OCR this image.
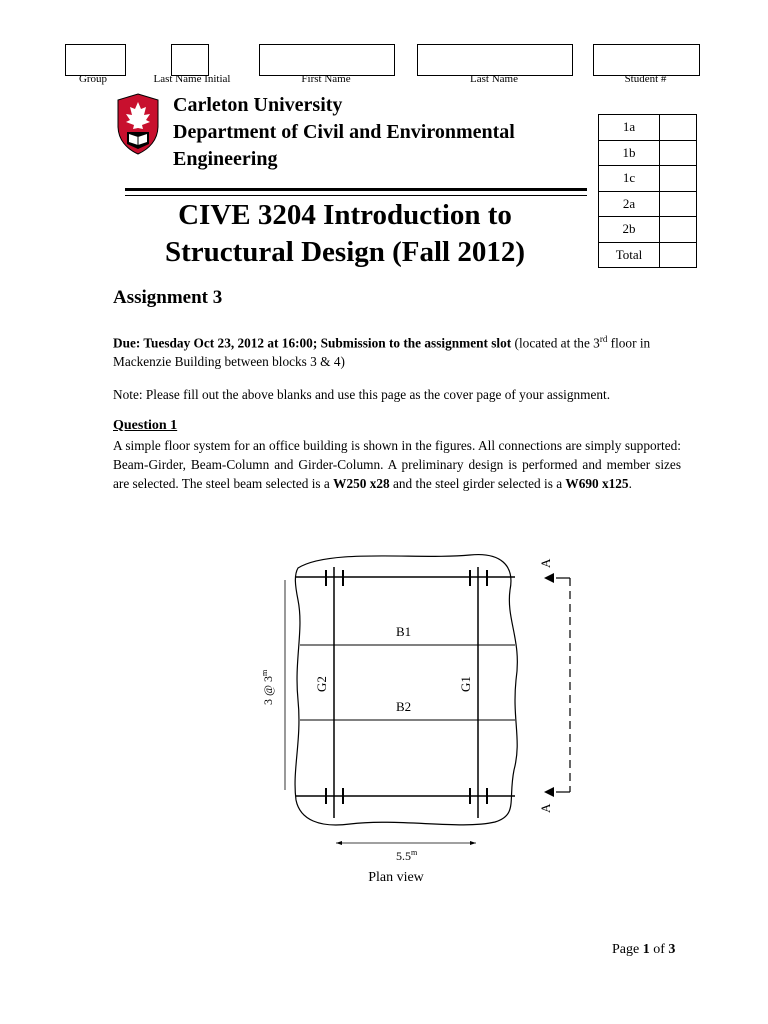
Group	Last Name Initial	First Name	Last Name	Student #
Carleton University
Department of Civil and Environmental
Engineering
CIVE 3204 Introduction to
Structural Design (Fall 2012)
1a	
1b	
1c	
2a	
2b	
Total	
Assignment 3
Due: Tuesday Oct 23, 2012 at 16:00; Submission to the assignment slot (located at the 3rd floor in Mackenzie Building between blocks 3 & 4)
Note: Please fill out the above blanks and use this page as the cover page of your assignment.
Question 1
A simple floor system for an office building is shown in the figures. All connections are simply supported: Beam-Girder, Beam-Column and Girder-Column. A preliminary design is performed and member sizes are selected. The steel beam selected is a W250 x28 and the steel girder selected is a W690 x125.
B1
B2
G2	G1
3 @ 3$^m$
5.5$^m$
A
A
Plan view
Page 1 of 3
